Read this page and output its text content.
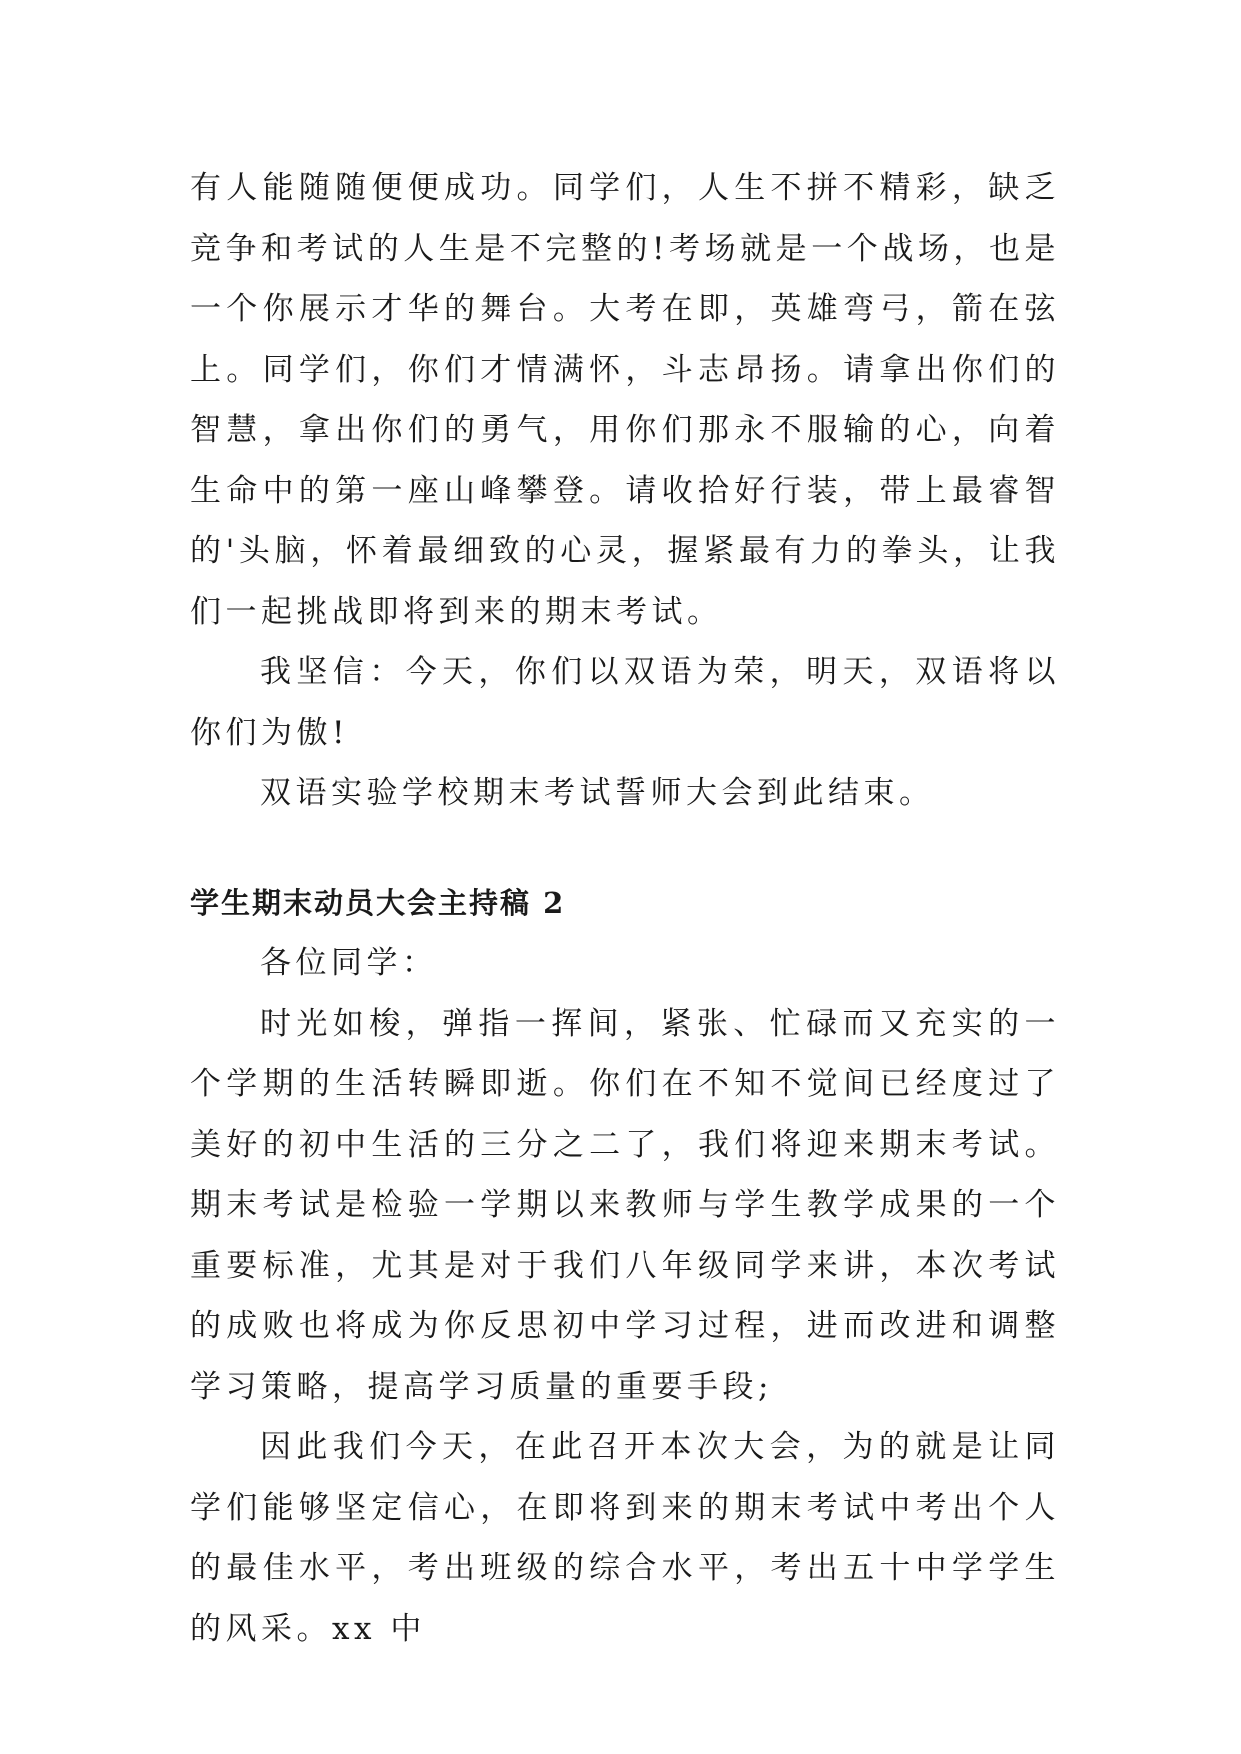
有人能随随便便成功。同学们，人生不拼不精彩，缺乏竞争和考试的人生是不完整的!考场就是一个战场，也是一个你展示才华的舞台。大考在即，英雄弯弓，箭在弦上。同学们，你们才情满怀，斗志昂扬。请拿出你们的智慧，拿出你们的勇气，用你们那永不服输的心，向着生命中的第一座山峰攀登。请收拾好行装，带上最睿智的'头脑，怀着最细致的心灵，握紧最有力的拳头，让我们一起挑战即将到来的期末考试。

我坚信：今天，你们以双语为荣，明天，双语将以你们为傲!

双语实验学校期末考试誓师大会到此结束。

学生期末动员大会主持稿 2

各位同学：

时光如梭，弹指一挥间，紧张、忙碌而又充实的一个学期的生活转瞬即逝。你们在不知不觉间已经度过了美好的初中生活的三分之二了，我们将迎来期末考试。期末考试是检验一学期以来教师与学生教学成果的一个重要标准，尤其是对于我们八年级同学来讲，本次考试的成败也将成为你反思初中学习过程，进而改进和调整学习策略，提高学习质量的重要手段;

因此我们今天，在此召开本次大会，为的就是让同学们能够坚定信心，在即将到来的期末考试中考出个人的最佳水平，考出班级的综合水平，考出五十中学学生的风采。xx 中
